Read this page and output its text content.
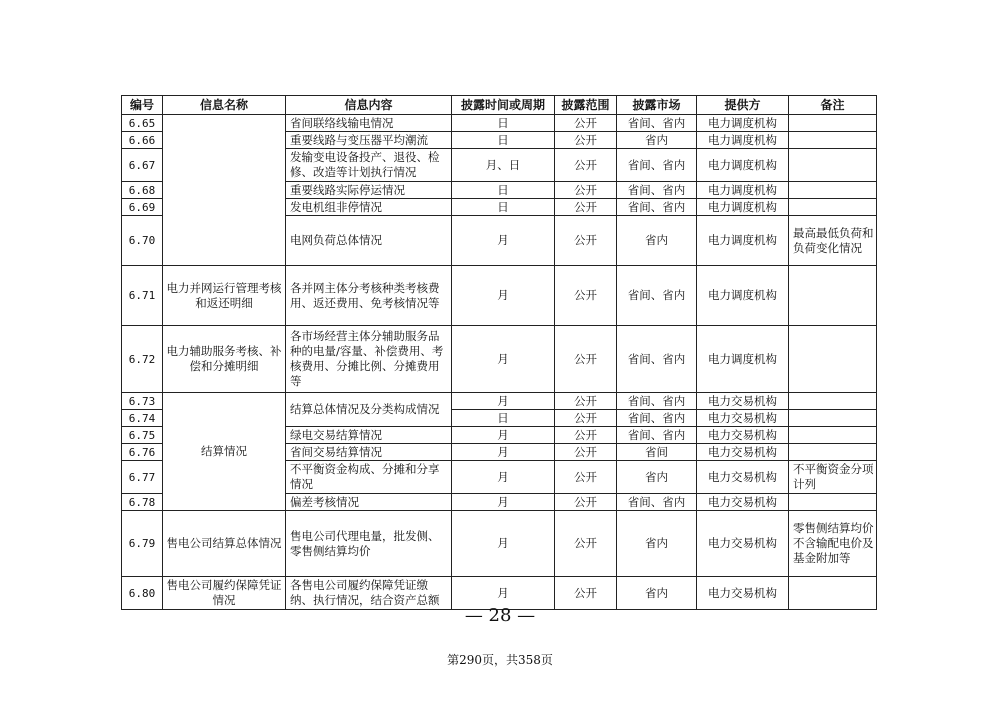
编号	信息名称	信息内容	披露时间或周期	披露范围	披露市场	提供方	备注
6.65		省间联络线输电情况	日	公开	省间、省内	电力调度机构	
6.66		重要线路与变压器平均潮流	日	公开	省内	电力调度机构	
6.67		发输变电设备投产、退役、检修、改造等计划执行情况	月、日	公开	省间、省内	电力调度机构	
6.68		重要线路实际停运情况	日	公开	省间、省内	电力调度机构	
6.69		发电机组非停情况	日	公开	省间、省内	电力调度机构	
6.70		电网负荷总体情况	月	公开	省内	电力调度机构	最高最低负荷和负荷变化情况
6.71	电力并网运行管理考核和返还明细	各并网主体分考核种类考核费用、返还费用、免考核情况等	月	公开	省间、省内	电力调度机构	
6.72	电力辅助服务考核、补偿和分摊明细	各市场经营主体分辅助服务品种的电量/容量、补偿费用、考核费用、分摊比例、分摊费用等	月	公开	省间、省内	电力调度机构	
6.73	结算情况	结算总体情况及分类构成情况	月	公开	省间、省内	电力交易机构	
6.74			日	公开	省间、省内	电力交易机构	
6.75		绿电交易结算情况	月	公开	省间、省内	电力交易机构	
6.76		省间交易结算情况	月	公开	省间	电力交易机构	
6.77		不平衡资金构成、分摊和分享情况	月	公开	省内	电力交易机构	不平衡资金分项计列
6.78		偏差考核情况	月	公开	省间、省内	电力交易机构	
6.79	售电公司结算总体情况	售电公司代理电量，批发侧、零售侧结算均价	月	公开	省内	电力交易机构	零售侧结算均价不含输配电价及基金附加等
6.80	售电公司履约保障凭证情况	各售电公司履约保障凭证缴纳、执行情况，结合资产总额	月	公开	省内	电力交易机构	
— 28 —
第290页，共358页
